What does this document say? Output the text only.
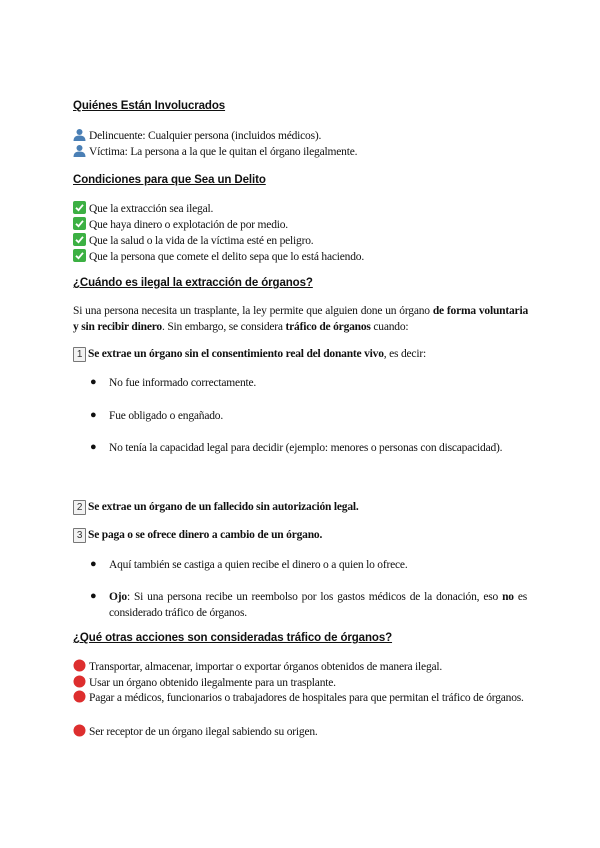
Quiénes Están Involucrados
Delincuente: Cualquier persona (incluidos médicos).
Víctima: La persona a la que le quitan el órgano ilegalmente.
Condiciones para que Sea un Delito
Que la extracción sea ilegal.
Que haya dinero o explotación de por medio.
Que la salud o la vida de la víctima esté en peligro.
Que la persona que comete el delito sepa que lo está haciendo.
¿Cuándo es ilegal la extracción de órganos?
Si una persona necesita un trasplante, la ley permite que alguien done un órgano de forma voluntaria y sin recibir dinero. Sin embargo, se considera tráfico de órganos cuando:
1 Se extrae un órgano sin el consentimiento real del donante vivo, es decir:
● No fue informado correctamente.
● Fue obligado o engañado.
● No tenía la capacidad legal para decidir (ejemplo: menores o personas con discapacidad).
2 Se extrae un órgano de un fallecido sin autorización legal.
3 Se paga o se ofrece dinero a cambio de un órgano.
● Aquí también se castiga a quien recibe el dinero o a quien lo ofrece.
● Ojo: Si una persona recibe un reembolso por los gastos médicos de la donación, eso no es considerado tráfico de órganos.
¿Qué otras acciones son consideradas tráfico de órganos?
Transportar, almacenar, importar o exportar órganos obtenidos de manera ilegal.
Usar un órgano obtenido ilegalmente para un trasplante.
Pagar a médicos, funcionarios o trabajadores de hospitales para que permitan el tráfico de órganos.
Ser receptor de un órgano ilegal sabiendo su origen.
